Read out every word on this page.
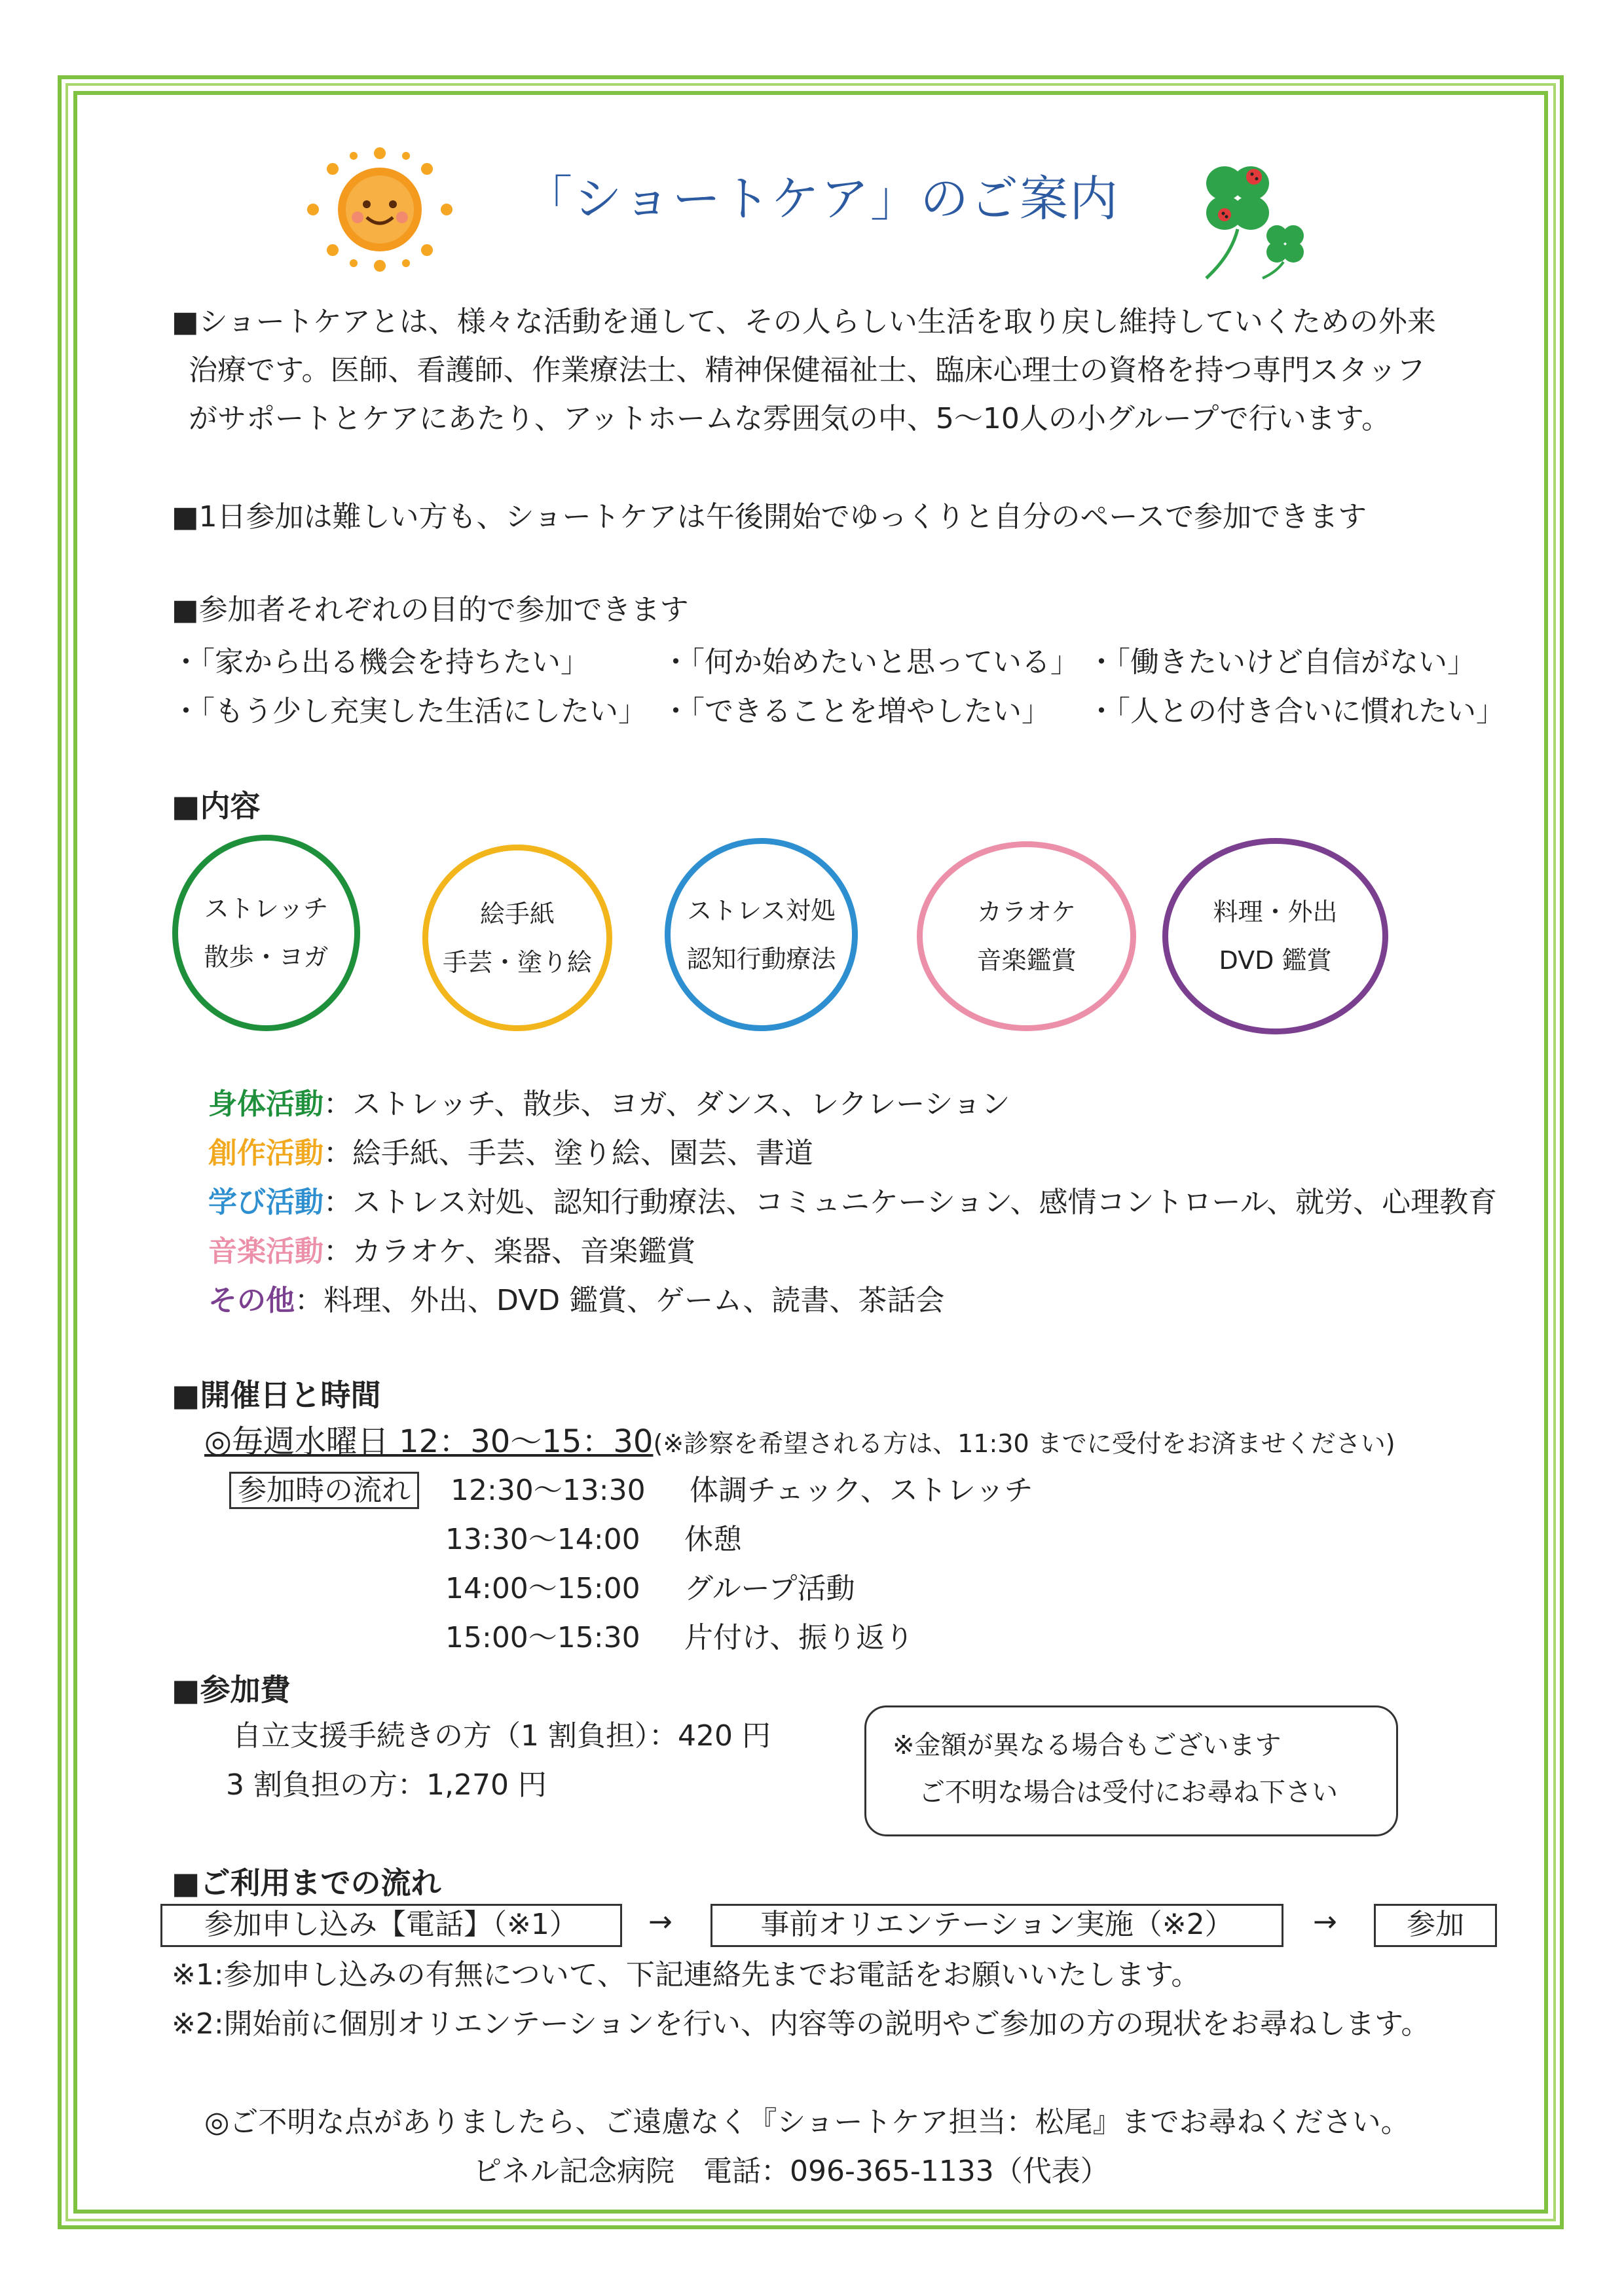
「ショートケア」のご案内
■ショートケアとは、様々な活動を通して、その人らしい生活を取り戻し維持していくための外来
治療です。医師、看護師、作業療法士、精神保健福祉士、臨床心理士の資格を持つ専門スタッフ
がサポートとケアにあたり、アットホームな雰囲気の中、5〜10人の小グループで行います。
■1日参加は難しい方も、ショートケアは午後開始でゆっくりと自分のペースで参加できます
■参加者それぞれの目的で参加できます
・「家から出る機会を持ちたい」	・「何か始めたいと思っている」 ・「働きたいけど自信がない」
・「もう少し充実した生活にしたい」 ・「できることを増やしたい」 ・「人との付き合いに慣れたい」
■内容
ストレッチ
散歩・ヨガ
絵手紙
手芸・塗り絵
ストレス対処
認知行動療法
カラオケ
音楽鑑賞
料理・外出
DVD 鑑賞
身体活動：ストレッチ、散歩、ヨガ、ダンス、レクレーション
創作活動：絵手紙、手芸、塗り絵、園芸、書道
学び活動：ストレス対処、認知行動療法、コミュニケーション、感情コントロール、就労、心理教育
音楽活動：カラオケ、楽器、音楽鑑賞
その他：料理、外出、DVD 鑑賞、ゲーム、読書、茶話会
■開催日と時間
◎毎週水曜日 12：30〜15：30(※診察を希望される方は、11:30 までに受付をお済ませください)
参加時の流れ 12:30〜13:30 体調チェック、ストレッチ
13:30〜14:00 休憩
14:00〜15:00 グループ活動
15:00〜15:30 片付け、振り返り
■参加費
自立支援手続きの方（1 割負担）：420 円
3 割負担の方：1,270 円
※金額が異なる場合もございます
ご不明な場合は受付にお尋ね下さい
■ご利用までの流れ
参加申し込み【電話】（※1）	→	事前オリエンテーション実施（※2）	→	参加
※1:参加申し込みの有無について、下記連絡先までお電話をお願いいたします。
※2:開始前に個別オリエンテーションを行い、内容等の説明やご参加の方の現状をお尋ねします。
◎ご不明な点がありましたら、ご遠慮なく『ショートケア担当：松尾』までお尋ねください。
ピネル記念病院　電話：096-365-1133（代表）
